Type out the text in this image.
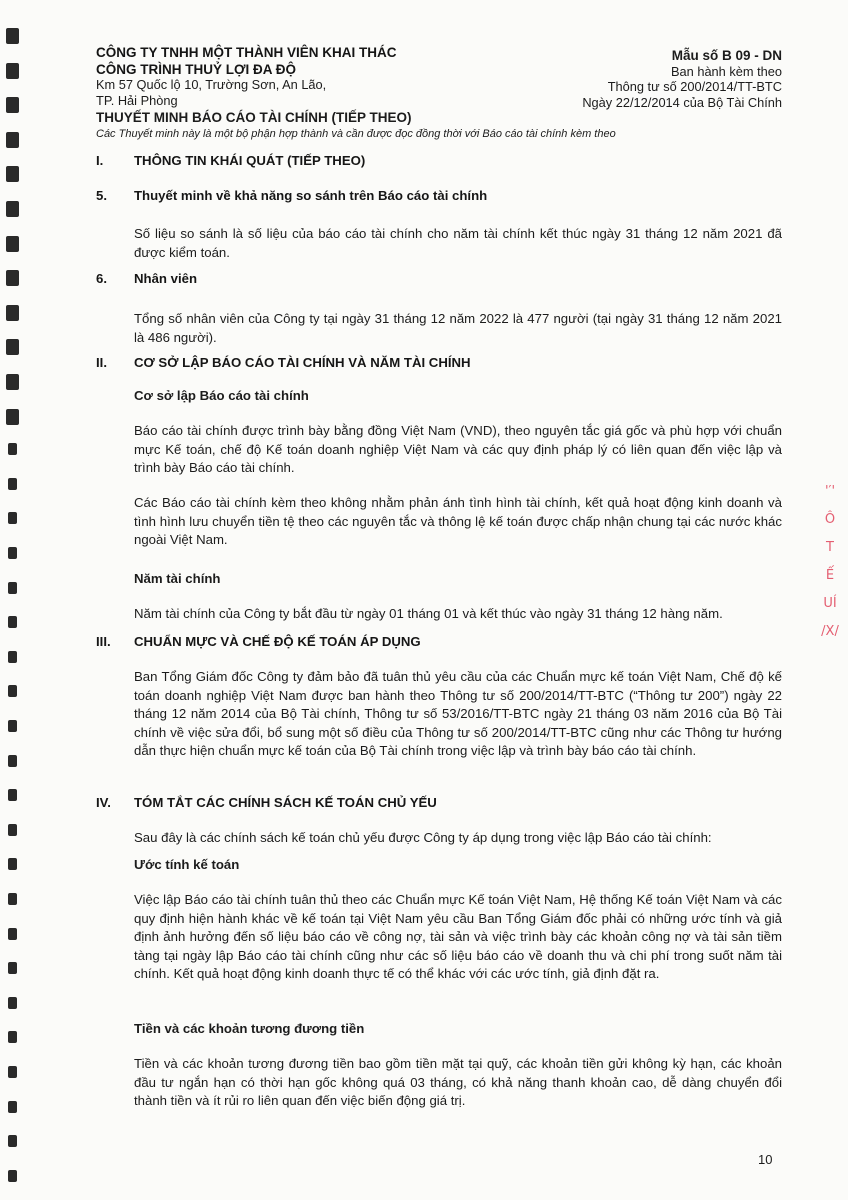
CÔNG TY TNHH MỘT THÀNH VIÊN KHAI THÁC
CÔNG TRÌNH THUỶ LỢI ĐA ĐỘ
Km 57 Quốc lộ 10, Trường Sơn, An Lão,
TP. Hải Phòng
Mẫu số B 09 - DN
Ban hành kèm theo
Thông tư số 200/2014/TT-BTC
Ngày 22/12/2014 của Bộ Tài Chính
THUYẾT MINH BÁO CÁO TÀI CHÍNH (TIẾP THEO)
Các Thuyết minh này là một bộ phận hợp thành và cần được đọc đồng thời với Báo cáo tài chính kèm theo
I. THÔNG TIN KHÁI QUÁT (TIẾP THEO)
5. Thuyết minh về khả năng so sánh trên Báo cáo tài chính
Số liệu so sánh là số liệu của báo cáo tài chính cho năm tài chính kết thúc ngày 31 tháng 12 năm 2021 đã được kiểm toán.
6. Nhân viên
Tổng số nhân viên của Công ty tại ngày 31 tháng 12 năm 2022 là 477 người (tại ngày 31 tháng 12 năm 2021 là 486 người).
II. CƠ SỞ LẬP BÁO CÁO TÀI CHÍNH VÀ NĂM TÀI CHÍNH
Cơ sở lập Báo cáo tài chính
Báo cáo tài chính được trình bày bằng đồng Việt Nam (VND), theo nguyên tắc giá gốc và phù hợp với chuẩn mực Kế toán, chế độ Kế toán doanh nghiệp Việt Nam và các quy định pháp lý có liên quan đến việc lập và trình bày Báo cáo tài chính.
Các Báo cáo tài chính kèm theo không nhằm phản ánh tình hình tài chính, kết quả hoạt động kinh doanh và tình hình lưu chuyển tiền tệ theo các nguyên tắc và thông lệ kế toán được chấp nhận chung tại các nước khác ngoài Việt Nam.
Năm tài chính
Năm tài chính của Công ty bắt đầu từ ngày 01 tháng 01 và kết thúc vào ngày 31 tháng 12 hàng năm.
III. CHUẨN MỰC VÀ CHẾ ĐỘ KẾ TOÁN ÁP DỤNG
Ban Tổng Giám đốc Công ty đảm bảo đã tuân thủ yêu cầu của các Chuẩn mực kế toán Việt Nam, Chế độ kế toán doanh nghiệp Việt Nam được ban hành theo Thông tư số 200/2014/TT-BTC (“Thông tư 200”) ngày 22 tháng 12 năm 2014 của Bộ Tài chính, Thông tư số 53/2016/TT-BTC ngày 21 tháng 03 năm 2016 của Bộ Tài chính về việc sửa đổi, bổ sung một số điều của Thông tư số 200/2014/TT-BTC cũng như các Thông tư hướng dẫn thực hiện chuẩn mực kế toán của Bộ Tài chính trong việc lập và trình bày báo cáo tài chính.
IV. TÓM TẮT CÁC CHÍNH SÁCH KẾ TOÁN CHỦ YẾU
Sau đây là các chính sách kế toán chủ yếu được Công ty áp dụng trong việc lập Báo cáo tài chính:
Ước tính kế toán
Việc lập Báo cáo tài chính tuân thủ theo các Chuẩn mực Kế toán Việt Nam, Hệ thống Kế toán Việt Nam và các quy định hiện hành khác về kế toán tại Việt Nam yêu cầu Ban Tổng Giám đốc phải có những ước tính và giả định ảnh hưởng đến số liệu báo cáo về công nợ, tài sản và việc trình bày các khoản công nợ và tài sản tiềm tàng tại ngày lập Báo cáo tài chính cũng như các số liệu báo cáo về doanh thu và chi phí trong suốt năm tài chính. Kết quả hoạt động kinh doanh thực tế có thể khác với các ước tính, giả định đặt ra.
Tiền và các khoản tương đương tiền
Tiền và các khoản tương đương tiền bao gồm tiền mặt tại quỹ, các khoản tiền gửi không kỳ hạn, các khoản đầu tư ngắn hạn có thời hạn gốc không quá 03 tháng, có khả năng thanh khoản cao, dễ dàng chuyển đổi thành tiền và ít rủi ro liên quan đến việc biến động giá trị.
10
'′'
Ô
T
Ế
UÍ
/X/
